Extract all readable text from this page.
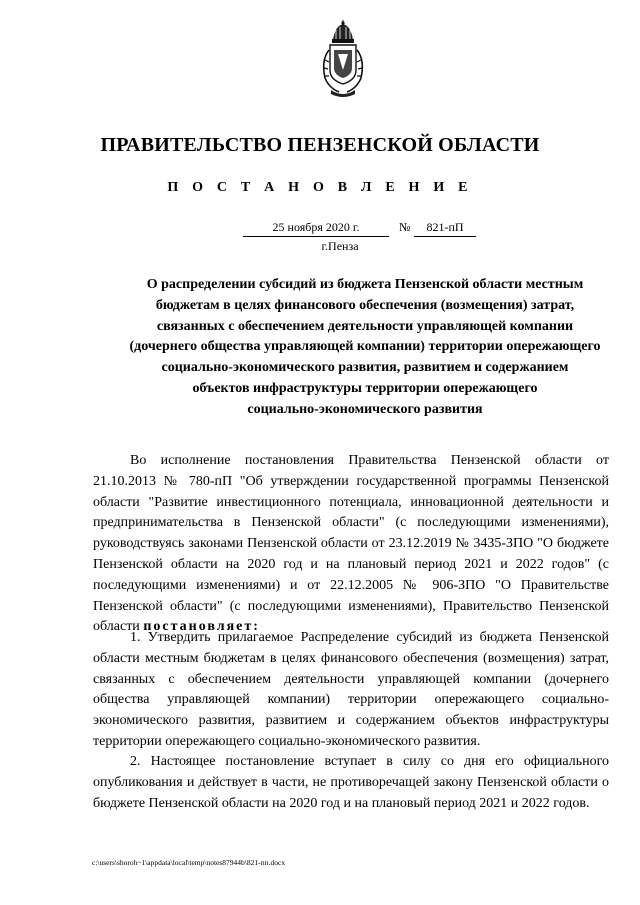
ПРАВИТЕЛЬСТВО ПЕНЗЕНСКОЙ ОБЛАСТИ
П О С Т А Н О В Л Е Н И Е
25 ноября 2020 г.	№	821-пП
г.Пенза
О распределении субсидий из бюджета Пензенской области местным
бюджетам в целях финансового обеспечения (возмещения) затрат,
связанных с обеспечением деятельности управляющей компании
(дочернего общества управляющей компании) территории опережающего
социально-экономического развития, развитием и содержанием
объектов инфраструктуры территории опережающего
социально-экономического развития

Во исполнение постановления Правительства Пензенской области от 21.10.2013 № 780-пП "Об утверждении государственной программы Пензенской области "Развитие инвестиционного потенциала, инновационной деятельности и предпринимательства в Пензенской области" (с последующими изменениями), руководствуясь законами Пензенской области от 23.12.2019 № 3435-ЗПО "О бюджете Пензенской области на 2020 год и на плановый период 2021 и 2022 годов" (с последующими изменениями) и от 22.12.2005 № 906-ЗПО "О Правительстве Пензенской области" (с последующими изменениями), Правительство Пензенской области постановляет:

1. Утвердить прилагаемое Распределение субсидий из бюджета Пензенской области местным бюджетам в целях финансового обеспечения (возмещения) затрат, связанных с обеспечением деятельности управляющей компании (дочернего общества управляющей компании) территории опережающего социально-экономического развития, развитием и содержанием объектов инфраструктуры территории опережающего социально-экономического развития.

2. Настоящее постановление вступает в силу со дня его официального опубликования и действует в части, не противоречащей закону Пензенской области о бюджете Пензенской области на 2020 год и на плановый период 2021 и 2022 годов.

c:\users\shoroh~1\appdata\local\temp\notes87944b\821-пп.docx
